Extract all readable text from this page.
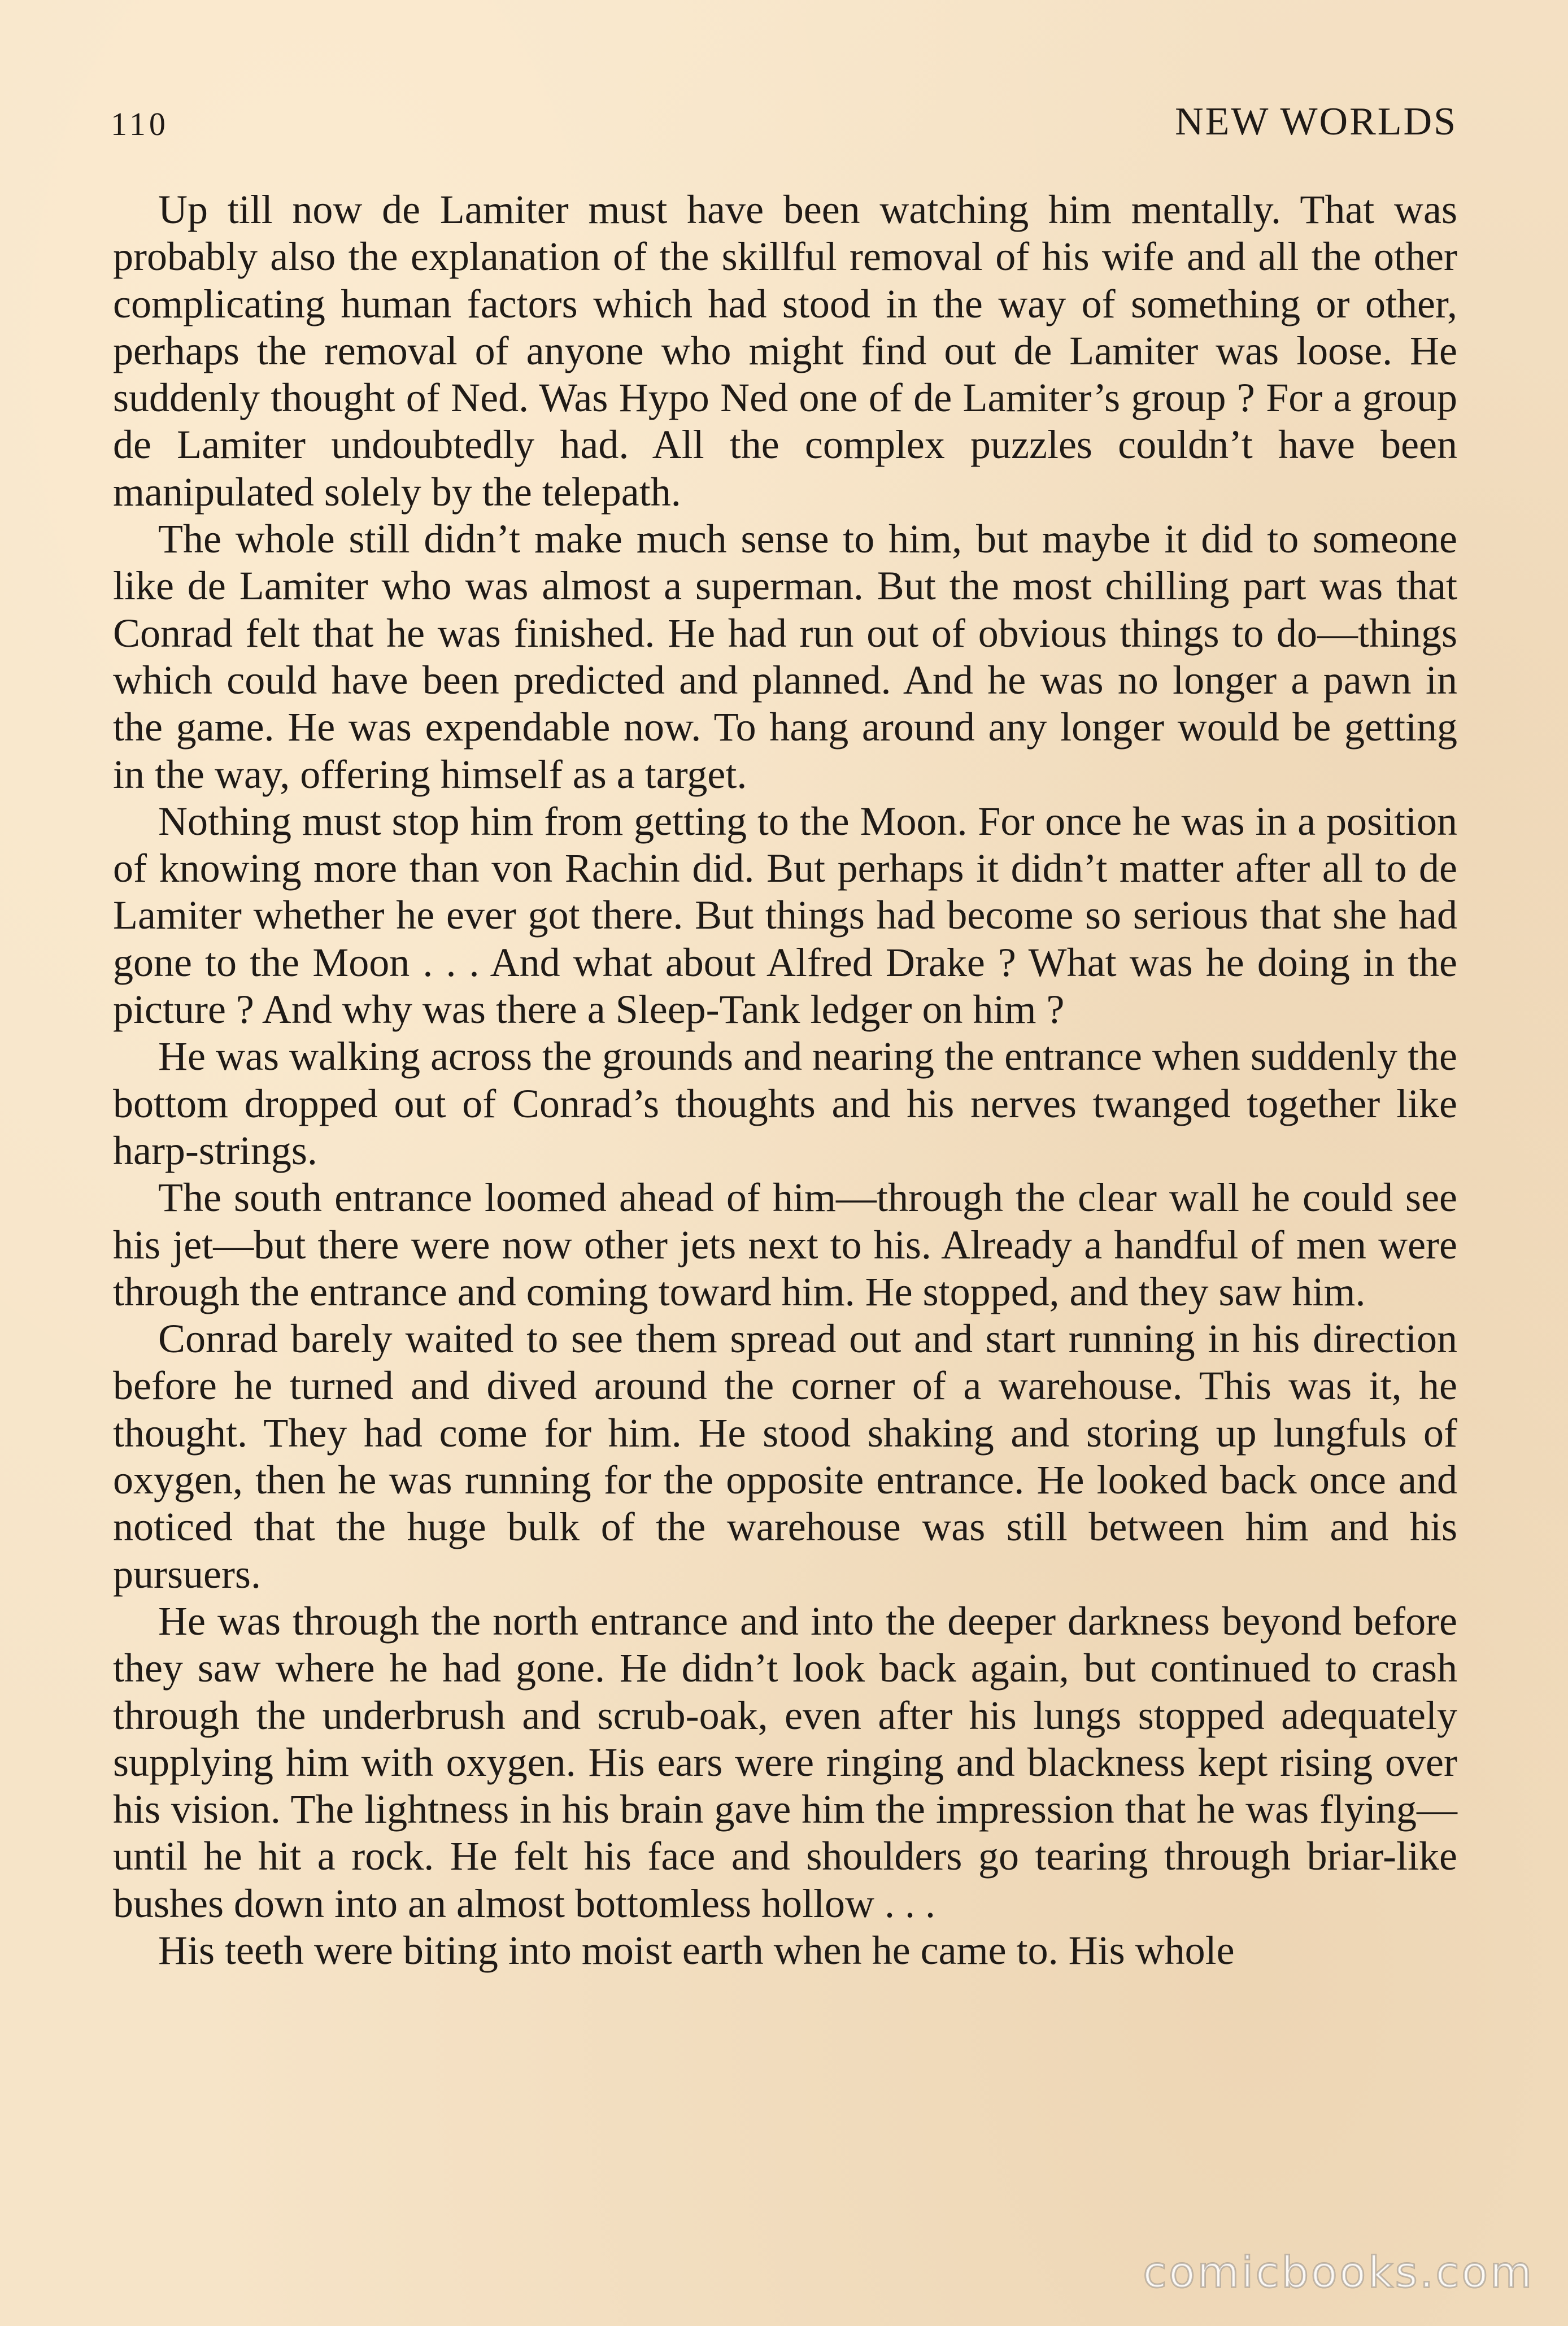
110	NEW WORLDS

Up till now de Lamiter must have been watching him mentally. That was probably also the explanation of the skillful removal of his wife and all the other complicating human factors which had stood in the way of something or other, perhaps the removal of anyone who might find out de Lamiter was loose. He suddenly thought of Ned. Was Hypo Ned one of de Lamiter’s group ? For a group de Lamiter undoubtedly had. All the complex puzzles couldn’t have been manipulated solely by the telepath.

The whole still didn’t make much sense to him, but maybe it did to someone like de Lamiter who was almost a superman. But the most chilling part was that Conrad felt that he was finished. He had run out of obvious things to do—things which could have been predicted and planned. And he was no longer a pawn in the game. He was expendable now. To hang around any longer would be getting in the way, offering himself as a target.

Nothing must stop him from getting to the Moon. For once he was in a position of knowing more than von Rachin did. But perhaps it didn’t matter after all to de Lamiter whether he ever got there. But things had become so serious that she had gone to the Moon . . . And what about Alfred Drake ? What was he doing in the picture ? And why was there a Sleep-Tank ledger on him ?

He was walking across the grounds and nearing the entrance when suddenly the bottom dropped out of Conrad’s thoughts and his nerves twanged together like harp-strings.

The south entrance loomed ahead of him—through the clear wall he could see his jet—but there were now other jets next to his. Already a handful of men were through the entrance and coming toward him. He stopped, and they saw him.

Conrad barely waited to see them spread out and start running in his direction before he turned and dived around the corner of a warehouse. This was it, he thought. They had come for him. He stood shaking and storing up lungfuls of oxygen, then he was running for the opposite entrance. He looked back once and noticed that the huge bulk of the warehouse was still between him and his pursuers.

He was through the north entrance and into the deeper darkness beyond before they saw where he had gone. He didn’t look back again, but continued to crash through the underbrush and scrub-oak, even after his lungs stopped adequately supplying him with oxygen. His ears were ringing and blackness kept rising over his vision. The lightness in his brain gave him the impression that he was flying—until he hit a rock. He felt his face and shoulders go tearing through briar-like bushes down into an almost bottomless hollow . . .

His teeth were biting into moist earth when he came to. His whole

comicbooks.com
